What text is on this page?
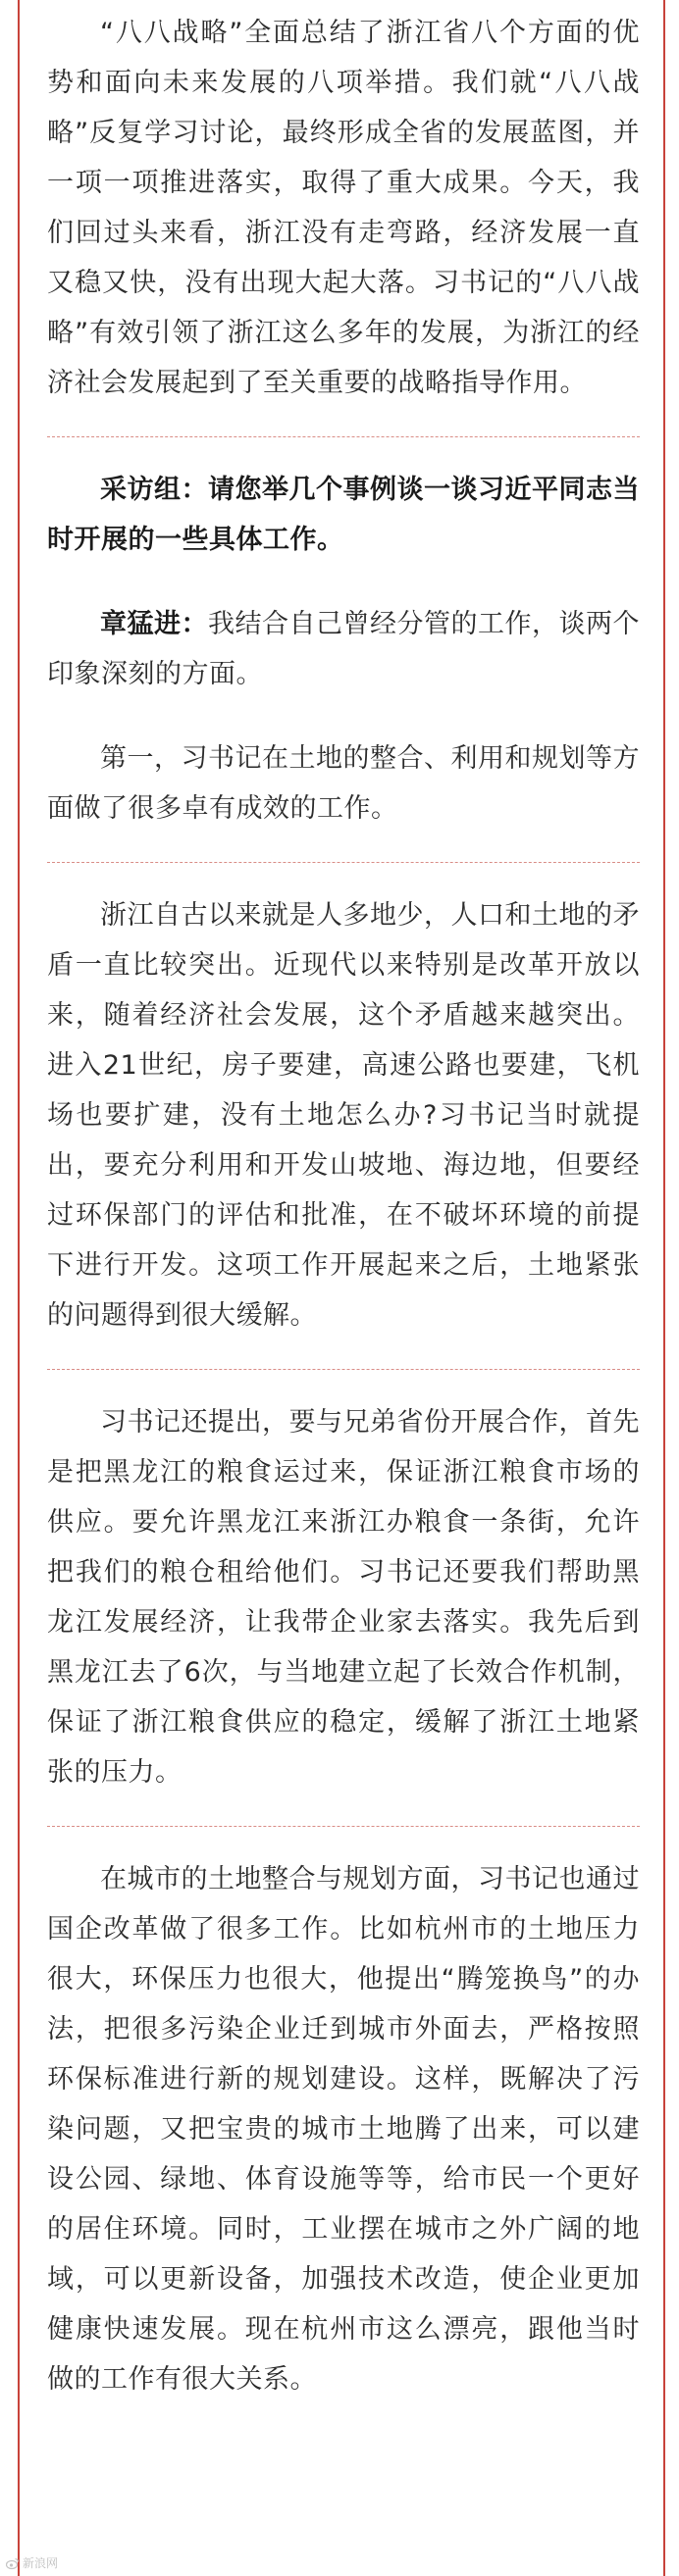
“八八战略”全面总结了浙江省八个方面的优势和面向未来发展的八项举措。我们就“八八战略”反复学习讨论，最终形成全省的发展蓝图，并一项一项推进落实，取得了重大成果。今天，我们回过头来看，浙江没有走弯路，经济发展一直又稳又快，没有出现大起大落。习书记的“八八战略”有效引领了浙江这么多年的发展，为浙江的经济社会发展起到了至关重要的战略指导作用。

采访组：请您举几个事例谈一谈习近平同志当时开展的一些具体工作。

章猛进：我结合自己曾经分管的工作，谈两个印象深刻的方面。

第一，习书记在土地的整合、利用和规划等方面做了很多卓有成效的工作。

浙江自古以来就是人多地少，人口和土地的矛盾一直比较突出。近现代以来特别是改革开放以来，随着经济社会发展，这个矛盾越来越突出。进入21世纪，房子要建，高速公路也要建，飞机场也要扩建，没有土地怎么办?习书记当时就提出，要充分利用和开发山坡地、海边地，但要经过环保部门的评估和批准，在不破坏环境的前提下进行开发。这项工作开展起来之后，土地紧张的问题得到很大缓解。

习书记还提出，要与兄弟省份开展合作，首先是把黑龙江的粮食运过来，保证浙江粮食市场的供应。要允许黑龙江来浙江办粮食一条街，允许把我们的粮仓租给他们。习书记还要我们帮助黑龙江发展经济，让我带企业家去落实。我先后到黑龙江去了6次，与当地建立起了长效合作机制，保证了浙江粮食供应的稳定，缓解了浙江土地紧张的压力。

在城市的土地整合与规划方面，习书记也通过国企改革做了很多工作。比如杭州市的土地压力很大，环保压力也很大，他提出“腾笼换鸟”的办法，把很多污染企业迁到城市外面去，严格按照环保标准进行新的规划建设。这样，既解决了污染问题，又把宝贵的城市土地腾了出来，可以建设公园、绿地、体育设施等等，给市民一个更好的居住环境。同时，工业摆在城市之外广阔的地域，可以更新设备，加强技术改造，使企业更加健康快速发展。现在杭州市这么漂亮，跟他当时做的工作有很大关系。

新浪网
